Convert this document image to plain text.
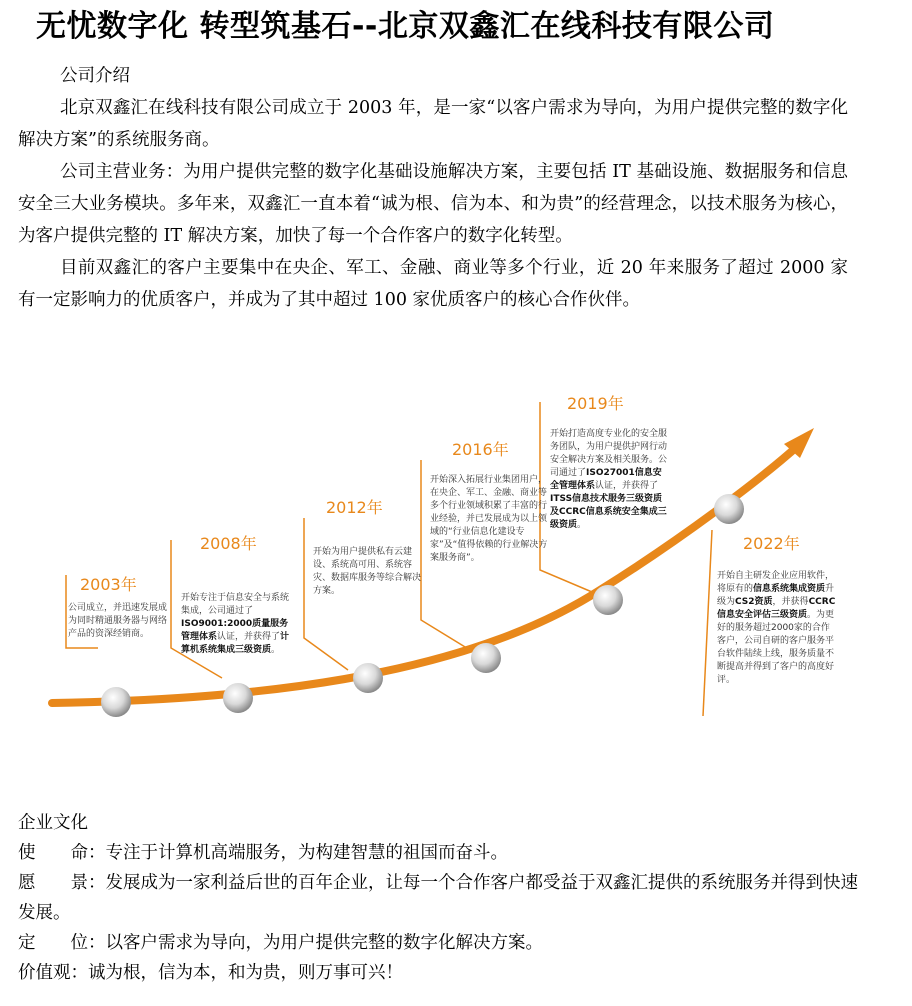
无忧数字化 转型筑基石--北京双鑫汇在线科技有限公司

公司介绍

北京双鑫汇在线科技有限公司成立于 2003 年，是一家“以客户需求为导向，为用户提供完整的数字化解决方案”的系统服务商。

公司主营业务：为用户提供完整的数字化基础设施解决方案，主要包括 IT 基础设施、数据服务和信息安全三大业务模块。多年来，双鑫汇一直本着“诚为根、信为本、和为贵”的经营理念，以技术服务为核心，为客户提供完整的 IT 解决方案，加快了每一个合作客户的数字化转型。

目前双鑫汇的客户主要集中在央企、军工、金融、商业等多个行业，近 20 年来服务了超过 2000 家有一定影响力的优质客户，并成为了其中超过 100 家优质客户的核心合作伙伴。

2003年
公司成立，并迅速发展成为同时精通服务器与网络产品的资深经销商。
2008年
开始专注于信息安全与系统集成，公司通过了ISO9001:2000质量服务管理体系认证，并获得了计算机系统集成三级资质。
2012年
开始为用户提供私有云建设、系统高可用、系统容灾、数据库服务等综合解决方案。
2016年
开始深入拓展行业集团用户，在央企、军工、金融、商业等多个行业领域积累了丰富的行业经验，并已发展成为以上领域的“行业信息化建设专家”及“值得依赖的行业解决方案服务商”。
2019年
开始打造高度专业化的安全服务团队，为用户提供护网行动安全解决方案及相关服务。公司通过了ISO27001信息安全管理体系认证，并获得了ITSS信息技术服务三级资质及CCRC信息系统安全集成三级资质。
2022年
开始自主研发企业应用软件，将原有的信息系统集成资质升级为CS2资质，并获得CCRC信息安全评估三级资质。为更好的服务超过2000家的合作客户，公司自研的客户服务平台软件陆续上线，服务质量不断提高并得到了客户的高度好评。
企业文化
使　　命：专注于计算机高端服务，为构建智慧的祖国而奋斗。
愿　　景：发展成为一家利益后世的百年企业，让每一个合作客户都受益于双鑫汇提供的系统服务并得到快速发展。
定　　位：以客户需求为导向，为用户提供完整的数字化解决方案。
价值观：诚为根，信为本，和为贵，则万事可兴！
